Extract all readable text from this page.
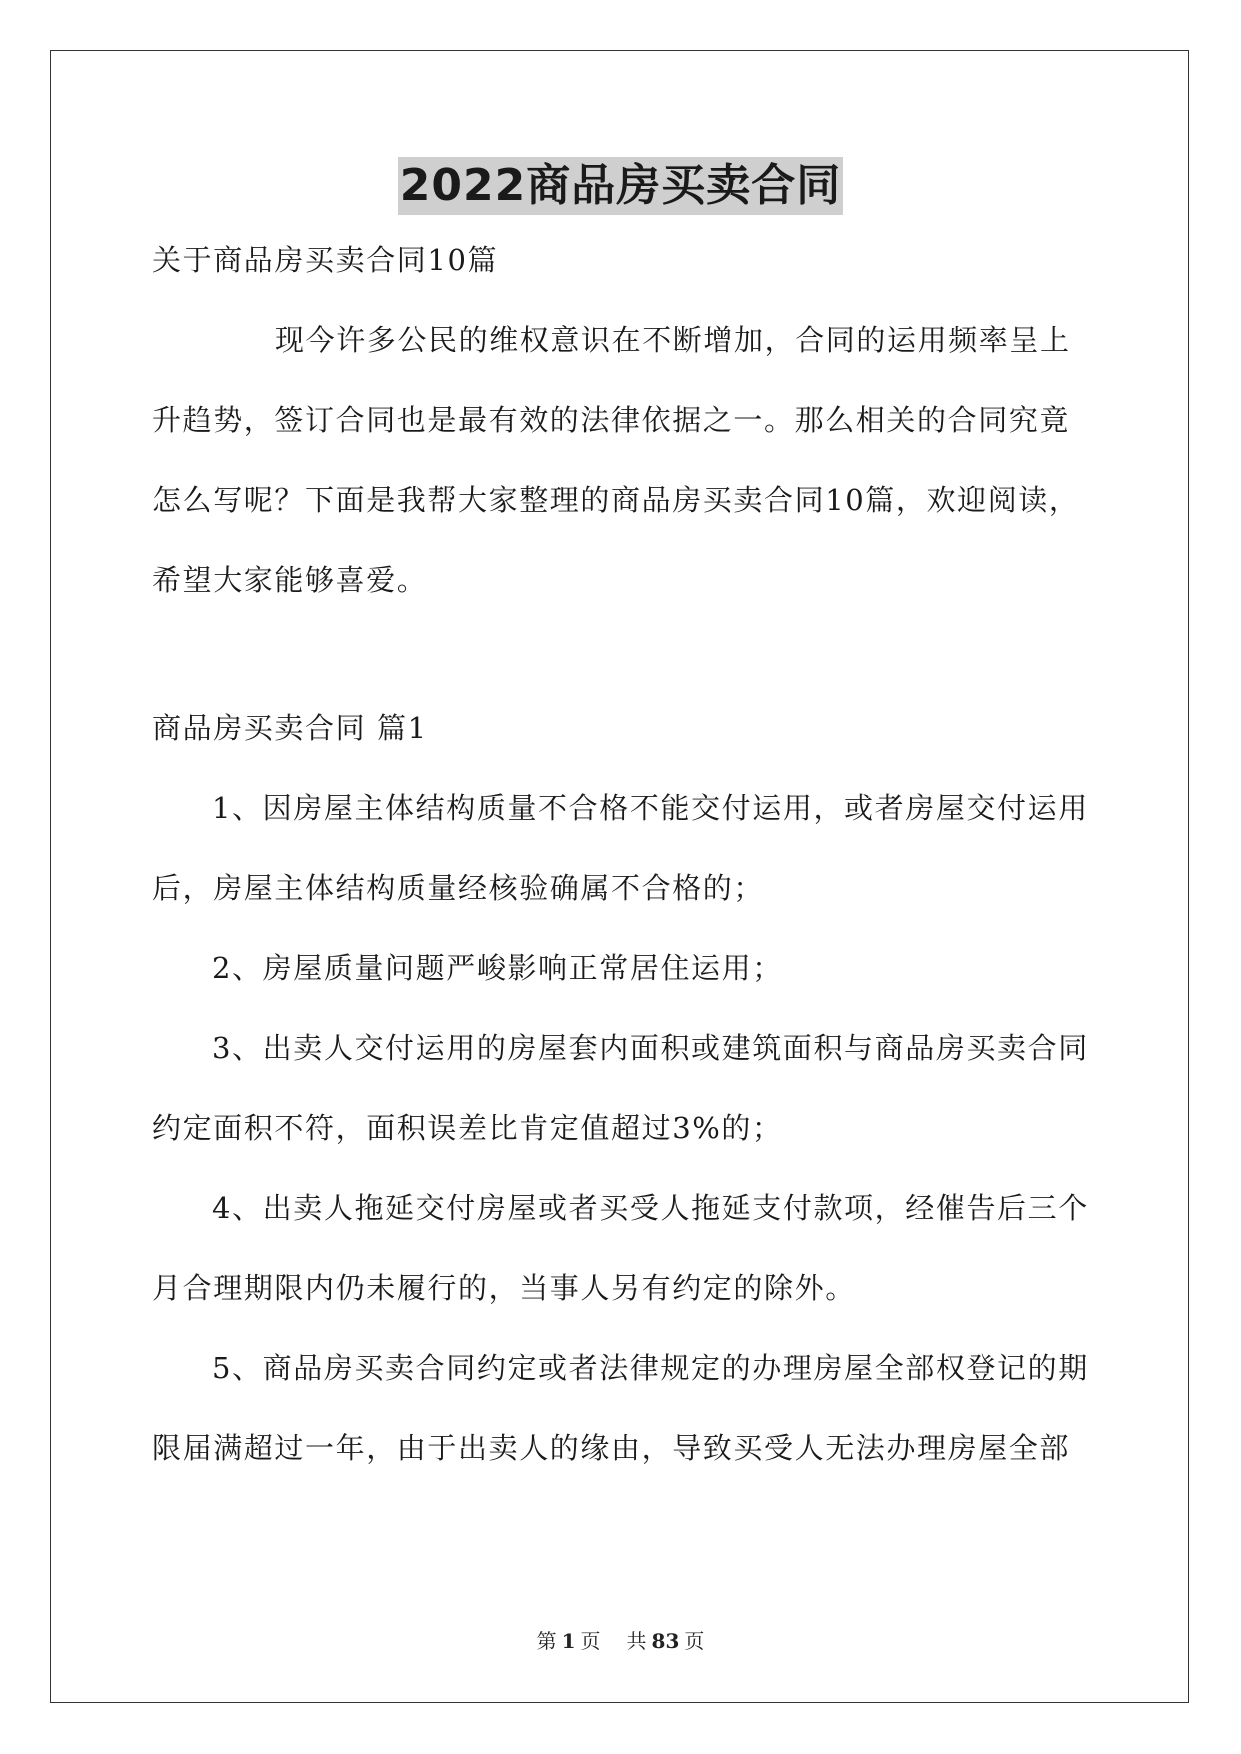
2022商品房买卖合同
关于商品房买卖合同10篇
现今许多公民的维权意识在不断增加，合同的运用频率呈上
升趋势，签订合同也是最有效的法律依据之一。那么相关的合同究竟
怎么写呢？下面是我帮大家整理的商品房买卖合同10篇，欢迎阅读，
希望大家能够喜爱。
商品房买卖合同 篇1
1、因房屋主体结构质量不合格不能交付运用，或者房屋交付运用
后，房屋主体结构质量经核验确属不合格的；
2、房屋质量问题严峻影响正常居住运用；
3、出卖人交付运用的房屋套内面积或建筑面积与商品房买卖合同
约定面积不符，面积误差比肯定值超过3%的；
4、出卖人拖延交付房屋或者买受人拖延支付款项，经催告后三个
月合理期限内仍未履行的，当事人另有约定的除外。
5、商品房买卖合同约定或者法律规定的办理房屋全部权登记的期
限届满超过一年，由于出卖人的缘由，导致买受人无法办理房屋全部
第 1 页 共 83 页
